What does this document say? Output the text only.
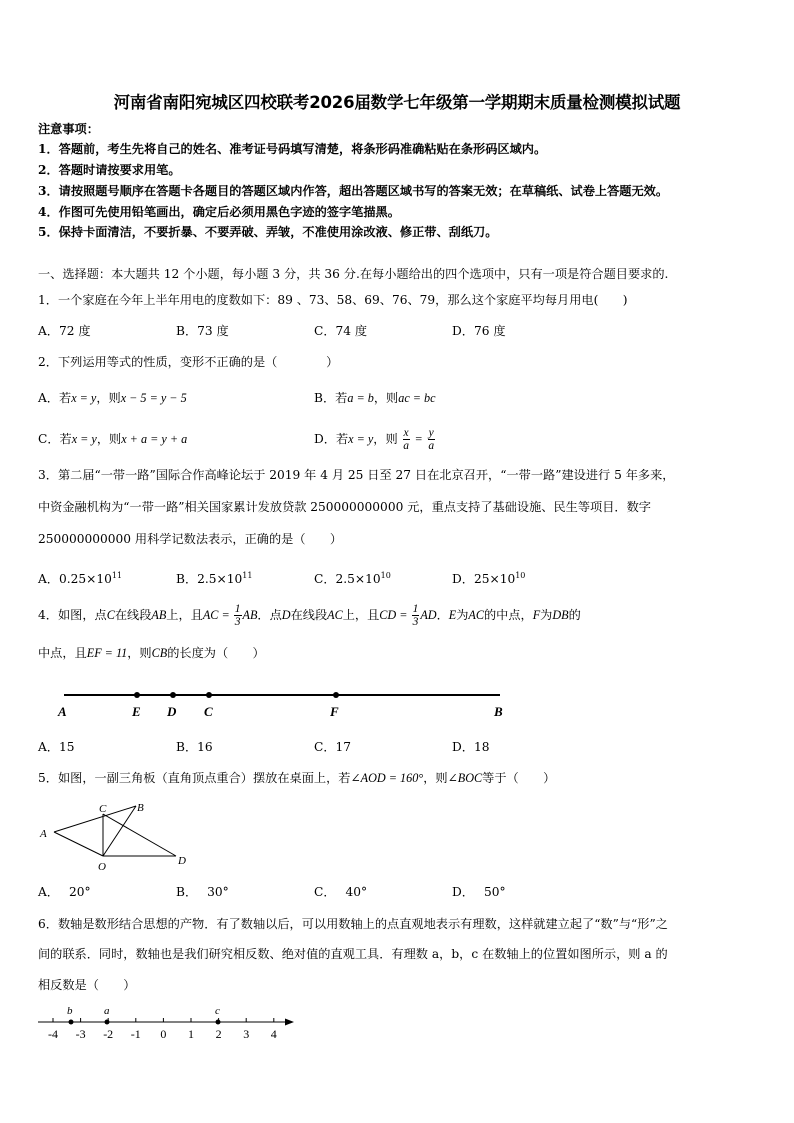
河南省南阳宛城区四校联考2026届数学七年级第一学期期末质量检测模拟试题
注意事项：
1．答题前，考生先将自己的姓名、准考证号码填写清楚，将条形码准确粘贴在条形码区域内。
2．答题时请按要求用笔。
3．请按照题号顺序在答题卡各题目的答题区域内作答，超出答题区域书写的答案无效；在草稿纸、试卷上答题无效。
4．作图可先使用铅笔画出，确定后必须用黑色字迹的签字笔描黑。
5．保持卡面清洁，不要折暴、不要弄破、弄皱，不准使用涂改液、修正带、刮纸刀。
一、选择题：本大题共 12 个小题，每小题 3 分，共 36 分.在每小题给出的四个选项中，只有一项是符合题目要求的.
1．一个家庭在今年上半年用电的度数如下：89 、73、58、69、76、79，那么这个家庭平均每月用电(　　)
A．72 度	B．73 度	C．74 度	D．76 度
2．下列运用等式的性质，变形不正确的是（　　　　）
A．若x = y，则x − 5 = y − 5	B．若a = b，则ac = bc
C．若x = y，则x + a = y + a	D．若x = y，则 $\frac{x}{a} = \frac{y}{a}$
3．第二届“一带一路”国际合作高峰论坛于 2019 年 4 月 25 日至 27 日在北京召开，“一带一路”建设进行 5 年多来，
中资金融机构为“一带一路”相关国家累计发放贷款 250000000000 元，重点支持了基础设施、民生等项目．数字
250000000000 用科学记数法表示，正确的是（　　）
A．$0.25\times 10^{11}$	B．$2.5\times 10^{11}$	C．$2.5\times 10^{10}$	D．$25\times 10^{10}$
4．如图，点C在线段AB上，且AC = $\frac{1}{3}$ AB．点D在线段AC上，且CD = $\frac{1}{3}$ AD．E为AC的中点，F为DB的
中点，且EF = 11，则CB的长度为（　　）
A	E D C	F	B
A．15	B．16	C．17	D．18
5．如图，一副三角板（直角顶点重合）摆放在桌面上，若∠AOD = 160°，则∠BOC等于（　　）
A
B
C
O	D
A． 20°	B． 30°	C． 40°	D． 50°
6．数轴是数形结合思想的产物．有了数轴以后，可以用数轴上的点直观地表示有理数，这样就建立起了“数”与“形”之
间的联系．同时，数轴也是我们研究相反数、绝对值的直观工具．有理数 a，b，c 在数轴上的位置如图所示，则 a 的
相反数是（　　）
-4 -3 -2 -1 0 1 2 3 4
b	a	c
